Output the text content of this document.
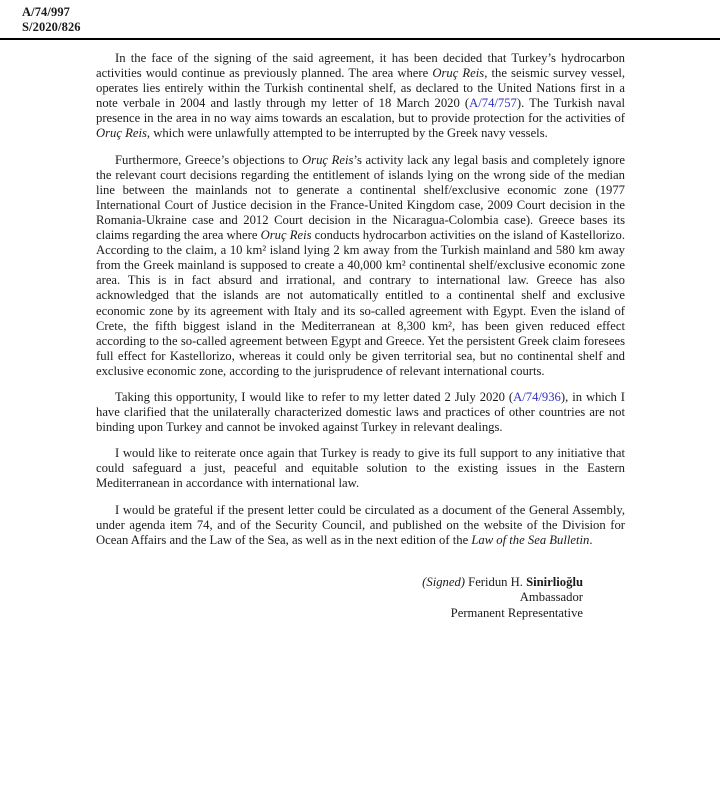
A/74/997
S/2020/826

In the face of the signing of the said agreement, it has been decided that Turkey’s hydrocarbon activities would continue as previously planned. The area where Oruç Reis, the seismic survey vessel, operates lies entirely within the Turkish continental shelf, as declared to the United Nations first in a note verbale in 2004 and lastly through my letter of 18 March 2020 (A/74/757). The Turkish naval presence in the area in no way aims towards an escalation, but to provide protection for the activities of Oruç Reis, which were unlawfully attempted to be interrupted by the Greek navy vessels.

Furthermore, Greece’s objections to Oruç Reis’s activity lack any legal basis and completely ignore the relevant court decisions regarding the entitlement of islands lying on the wrong side of the median line between the mainlands not to generate a continental shelf/exclusive economic zone (1977 International Court of Justice decision in the France-United Kingdom case, 2009 Court decision in the Romania-Ukraine case and 2012 Court decision in the Nicaragua-Colombia case). Greece bases its claims regarding the area where Oruç Reis conducts hydrocarbon activities on the island of Kastellorizo. According to the claim, a 10 km² island lying 2 km away from the Turkish mainland and 580 km away from the Greek mainland is supposed to create a 40,000 km² continental shelf/exclusive economic zone area. This is in fact absurd and irrational, and contrary to international law. Greece has also acknowledged that the islands are not automatically entitled to a continental shelf and exclusive economic zone by its agreement with Italy and its so-called agreement with Egypt. Even the island of Crete, the fifth biggest island in the Mediterranean at 8,300 km², has been given reduced effect according to the so-called agreement between Egypt and Greece. Yet the persistent Greek claim foresees full effect for Kastellorizo, whereas it could only be given territorial sea, but no continental shelf and exclusive economic zone, according to the jurisprudence of relevant international courts.

Taking this opportunity, I would like to refer to my letter dated 2 July 2020 (A/74/936), in which I have clarified that the unilaterally characterized domestic laws and practices of other countries are not binding upon Turkey and cannot be invoked against Turkey in relevant dealings.

I would like to reiterate once again that Turkey is ready to give its full support to any initiative that could safeguard a just, peaceful and equitable solution to the existing issues in the Eastern Mediterranean in accordance with international law.

I would be grateful if the present letter could be circulated as a document of the General Assembly, under agenda item 74, and of the Security Council, and published on the website of the Division for Ocean Affairs and the Law of the Sea, as well as in the next edition of the Law of the Sea Bulletin.

(Signed) Feridun H. Sinirlioğlu
Ambassador
Permanent Representative
